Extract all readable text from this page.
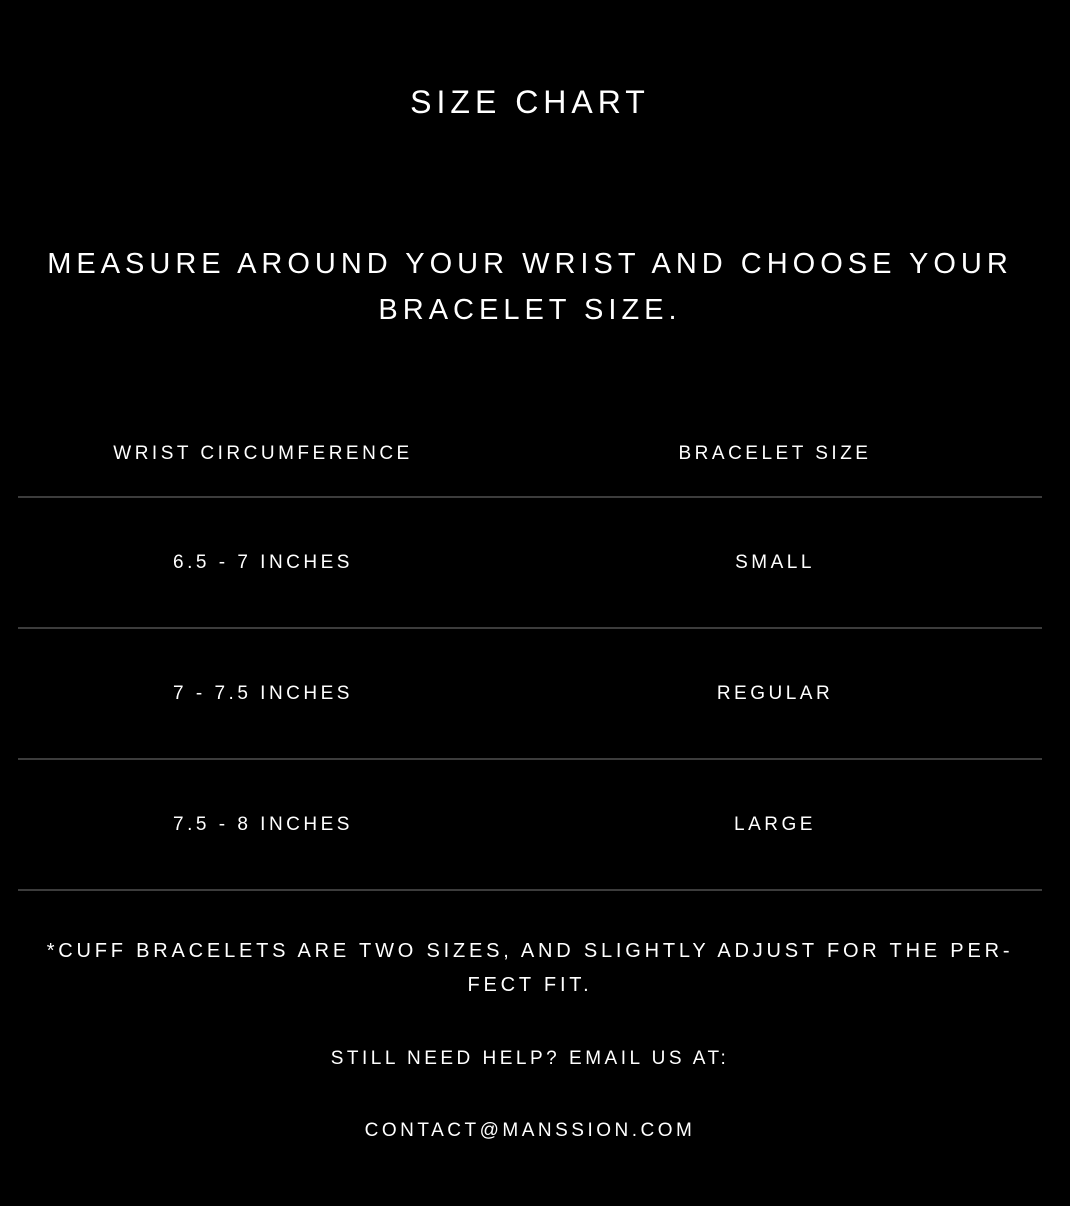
SIZE CHART

MEASURE AROUND YOUR WRIST AND CHOOSE YOUR BRACELET SIZE.

WRIST CIRCUMFERENCE	BRACELET SIZE
6.5 - 7 INCHES	SMALL
7 - 7.5 INCHES	REGULAR
7.5 - 8 INCHES	LARGE

*CUFF BRACELETS ARE TWO SIZES, AND SLIGHTLY ADJUST FOR THE PER-FECT FIT.

STILL NEED HELP? EMAIL US AT:

CONTACT@MANSSION.COM
